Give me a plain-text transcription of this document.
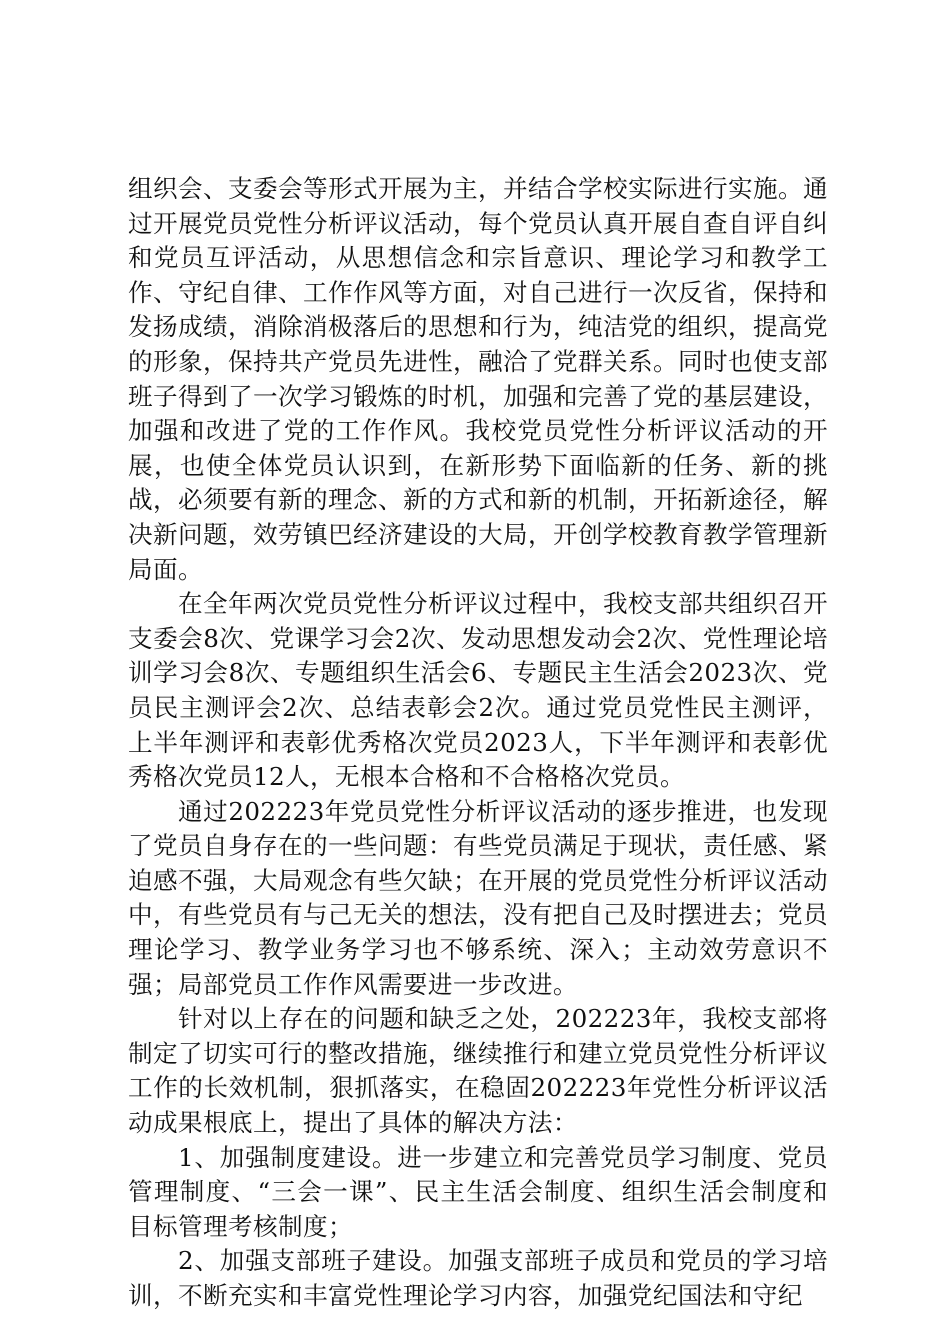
组织会、支委会等形式开展为主，并结合学校实际进行实施。通过开展党员党性分析评议活动，每个党员认真开展自查自评自纠和党员互评活动，从思想信念和宗旨意识、理论学习和教学工作、守纪自律、工作作风等方面，对自己进行一次反省，保持和发扬成绩，消除消极落后的思想和行为，纯洁党的组织，提高党的形象，保持共产党员先进性，融洽了党群关系。同时也使支部班子得到了一次学习锻炼的时机，加强和完善了党的基层建设，加强和改进了党的工作作风。我校党员党性分析评议活动的开展，也使全体党员认识到，在新形势下面临新的任务、新的挑战，必须要有新的理念、新的方式和新的机制，开拓新途径，解决新问题，效劳镇巴经济建设的大局，开创学校教育教学管理新局面。

在全年两次党员党性分析评议过程中，我校支部共组织召开支委会8次、党课学习会2次、发动思想发动会2次、党性理论培训学习会8次、专题组织生活会6、专题民主生活会2023次、党员民主测评会2次、总结表彰会2次。通过党员党性民主测评，上半年测评和表彰优秀格次党员2023人，下半年测评和表彰优秀格次党员12人，无根本合格和不合格格次党员。

通过202223年党员党性分析评议活动的逐步推进，也发现了党员自身存在的一些问题：有些党员满足于现状，责任感、紧迫感不强，大局观念有些欠缺；在开展的党员党性分析评议活动中，有些党员有与己无关的想法，没有把自己及时摆进去；党员理论学习、教学业务学习也不够系统、深入；主动效劳意识不强；局部党员工作作风需要进一步改进。

针对以上存在的问题和缺乏之处，202223年，我校支部将制定了切实可行的整改措施，继续推行和建立党员党性分析评议工作的长效机制，狠抓落实，在稳固202223年党性分析评议活动成果根底上，提出了具体的解决方法：

1、加强制度建设。进一步建立和完善党员学习制度、党员管理制度、“三会一课”、民主生活会制度、组织生活会制度和目标管理考核制度；

2、加强支部班子建设。加强支部班子成员和党员的学习培训，不断充实和丰富党性理论学习内容，加强党纪国法和守纪
